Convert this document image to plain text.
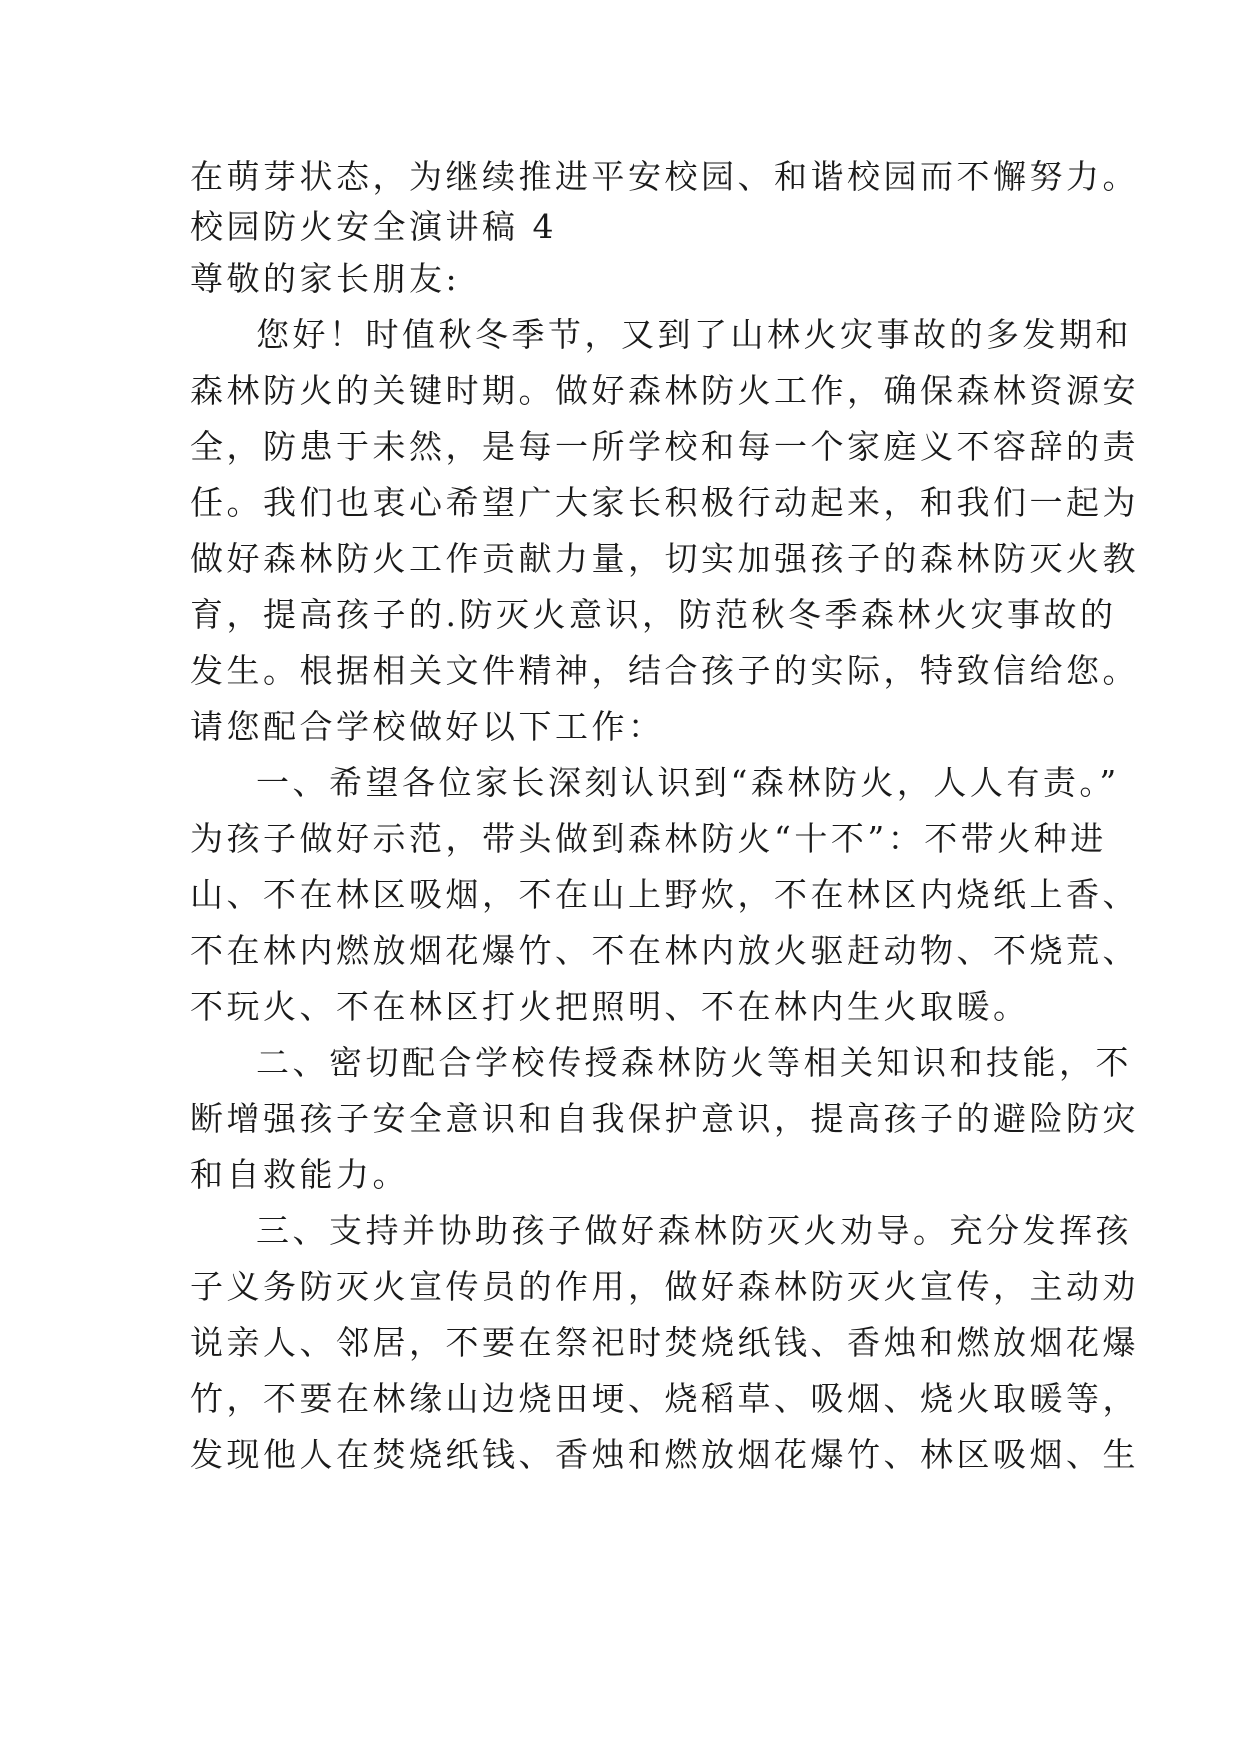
在萌芽状态，为继续推进平安校园、和谐校园而不懈努力。
校园防火安全演讲稿 4
尊敬的家长朋友:
您好！时值秋冬季节，又到了山林火灾事故的多发期和
森林防火的关键时期。做好森林防火工作，确保森林资源安
全，防患于未然，是每一所学校和每一个家庭义不容辞的责
任。我们也衷心希望广大家长积极行动起来，和我们一起为
做好森林防火工作贡献力量，切实加强孩子的森林防灭火教
育，提高孩子的.防灭火意识，防范秋冬季森林火灾事故的
发生。根据相关文件精神，结合孩子的实际，特致信给您。
请您配合学校做好以下工作：
一、希望各位家长深刻认识到“森林防火，人人有责。”
为孩子做好示范，带头做到森林防火“十不”：不带火种进
山、不在林区吸烟，不在山上野炊，不在林区内烧纸上香、
不在林内燃放烟花爆竹、不在林内放火驱赶动物、不烧荒、
不玩火、不在林区打火把照明、不在林内生火取暖。
二、密切配合学校传授森林防火等相关知识和技能，不
断增强孩子安全意识和自我保护意识，提高孩子的避险防灾
和自救能力。
三、支持并协助孩子做好森林防灭火劝导。充分发挥孩
子义务防灭火宣传员的作用，做好森林防灭火宣传，主动劝
说亲人、邻居，不要在祭祀时焚烧纸钱、香烛和燃放烟花爆
竹，不要在林缘山边烧田埂、烧稻草、吸烟、烧火取暖等，
发现他人在焚烧纸钱、香烛和燃放烟花爆竹、林区吸烟、生
